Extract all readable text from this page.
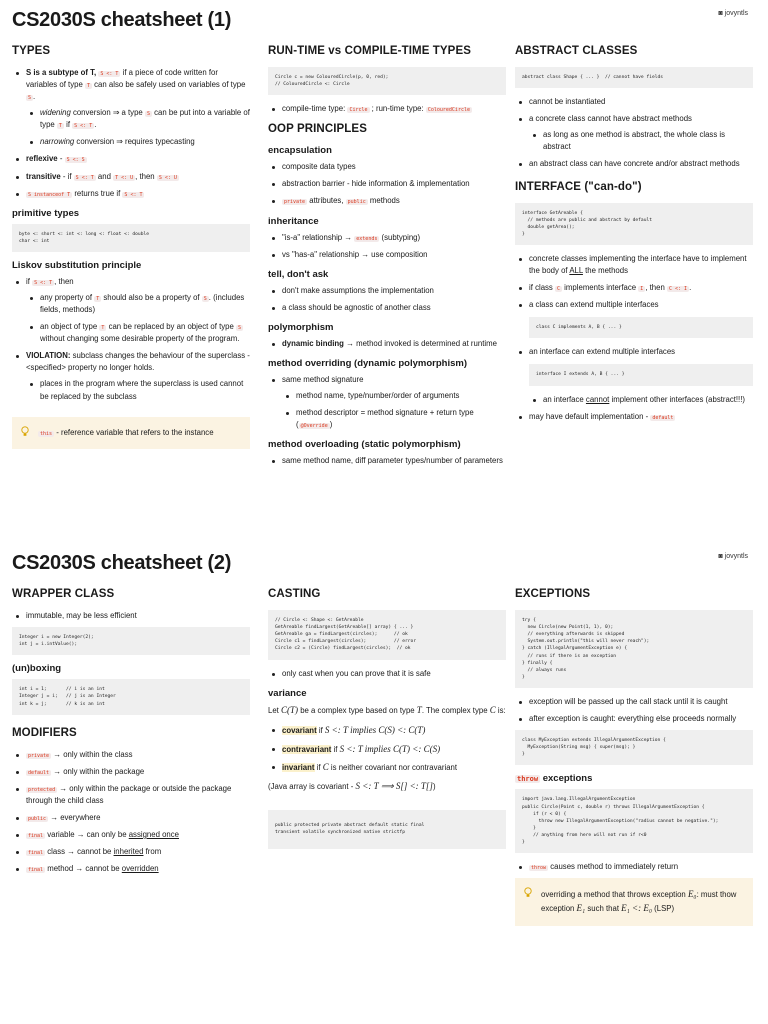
CS2030S cheatsheet (1)	◙ jovyntls
TYPES
S is a subtype of T, S <: T if a piece of code written for variables of type T can also be safely used on variables of type S .
widening conversion ⇒ a type S can be put into a variable of type T if S <: T .
narrowing conversion ⇒ requires typecasting
reflexive - S <: S
transitive - if S <: T and T <: U , then S <: U
S instanceof T returns true if S <: T
primitive types
byte <: short <: int <: long <: float <: double
char <: int
Liskov substitution principle
if S <: T , then
any property of T should also be a property of S . (includes fields, methods)
an object of type T can be replaced by an object of type S without changing some desirable property of the program.
VIOLATION: subclass changes the behaviour of the superclass - <specified> property no longer holds.
places in the program where the superclass is used cannot be replaced by the subclass
this - reference variable that refers to the instance
RUN-TIME vs COMPILE-TIME TYPES
Circle c = new ColouredCircle(p, 0, red);
// ColouredCircle <: Circle
compile-time type: Circle ; run-time type: ColouredCircle
OOP PRINCIPLES
encapsulation
composite data types
abstraction barrier - hide information & implementation
private attributes, public methods
inheritance
"is-a" relationship → extends (subtyping)
vs "has-a" relationship → use composition
tell, don't ask
don't make assumptions the implementation
a class should be agnostic of another class
polymorphism
dynamic binding → method invoked is determined at runtime
method overriding (dynamic polymorphism)
same method signature
method name, type/number/order of arguments
method descriptor = method signature + return type ( @Override )
method overloading (static polymorphism)
same method name, diff parameter types/number of parameters
ABSTRACT CLASSES
abstract class Shape { ... }  // cannot have fields
cannot be instantiated
a concrete class cannot have abstract methods
as long as one method is abstract, the whole class is abstract
an abstract class can have concrete and/or abstract methods
INTERFACE ("can-do")
interface GetAreable {
// methods are public and abstract by default
double getArea();
}
concrete classes implementing the interface have to implement the body of ALL the methods
if class C implements interface I , then C <: I .
a class can extend multiple interfaces
class C implements A, B { ... }
an interface can extend multiple interfaces
interface I extends A, B { ... }
an interface cannot implement other interfaces (abstract!!!)
may have default implementation - default
CS2030S cheatsheet (2)	◙ jovyntls
WRAPPER CLASS
immutable, may be less efficient
Integer i = new Integer(2);
int j = i.intValue();
(un)boxing
int i = 1;       // i is an int
Integer j = i;   // j is an Integer
int k = j;       // k is an int
MODIFIERS
private → only within the class
default → only within the package
protected → only within the package or outside the package through the child class
public → everywhere
final variable → can only be assigned once
final class → cannot be inherited from
final method → cannot be overridden
CASTING
// Circle <: Shape <: GetAreable
GetAreable findLargest(GetAreable[] array) { ... }
GetAreable ga = findLargest(circles);      // ok
Circle c1 = findLargest(circles);          // error
Circle c2 = (Circle) findLargest(circles);  // ok
only cast when you can prove that it is safe
variance
Let C(T) be a complex type based on type T. The complex type C is:
covariant if S <: T implies C(S) <: C(T)
contravariant if S <: T implies C(T) <: C(S)
invariant if C is neither covariant nor contravariant
(Java array is covariant - S <: T ⟹ S[] <: T[])
public protected private abstract default static final
transient volatile synchronized native strictfp
EXCEPTIONS
try {
new Circle(new Point(1, 1), 0);
// everything afterwards is skipped
System.out.println("this will never reach");
} catch (IllegalArgumentException e) {
// runs if there is an exception
} finally {
// always runs
}
exception will be passed up the call stack until it is caught
after exception is caught: everything else proceeds normally
class MyException extends IllegalArgumentException {
MyException(String msg) { super(msg); }
}
throw exceptions
import java.lang.IllegalArgumentException
public Circle(Point c, double r) throws IllegalArgumentException {
if (r < 0) {
throw new IllegalArgumentException("radius cannot be negative.");
}
// anything from here will not run if r<0
}
throw causes method to immediately return
overriding a method that throws exception E₀: must thow exception E₁ such that E₁ <: E₀ (LSP)
